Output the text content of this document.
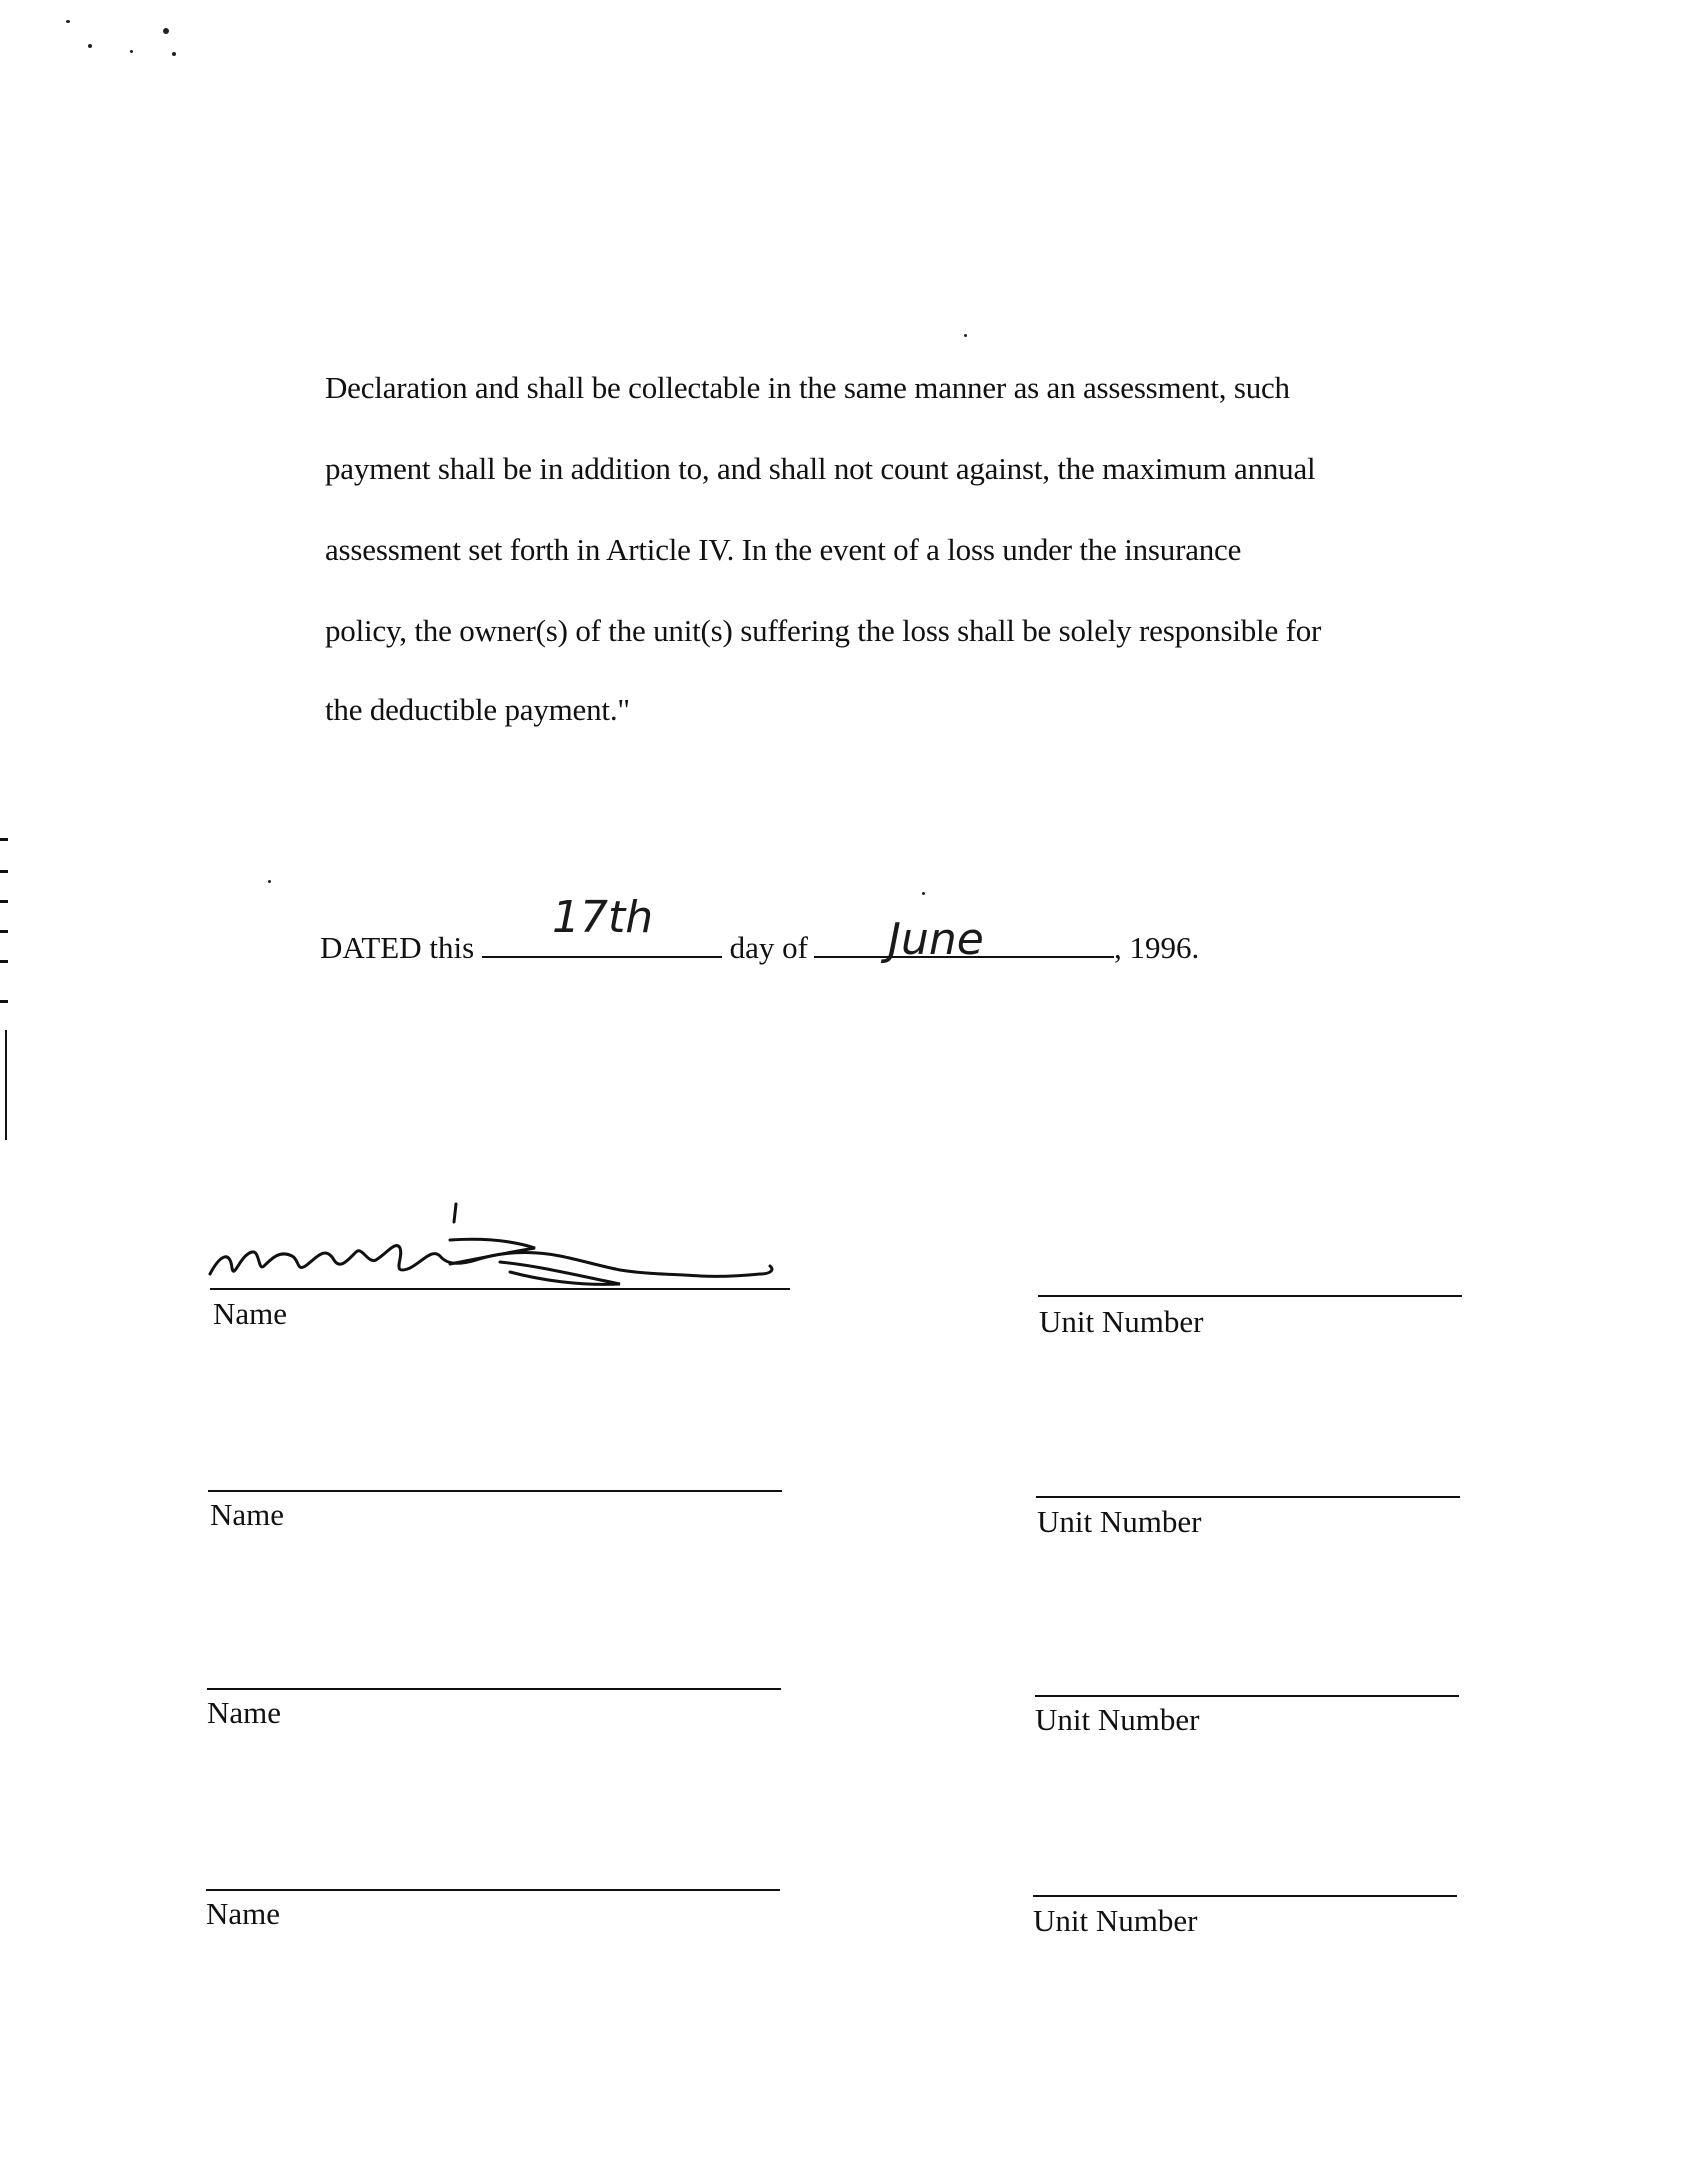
Declaration and shall be collectable in the same manner as an assessment, such
payment shall be in addition to, and shall not count against, the maximum annual
assessment set forth in Article IV. In the event of a loss under the insurance
policy, the owner(s) of the unit(s) suffering the loss shall be solely responsible for
the deductible payment."
DATED this	day of	, 1996.
17th	June
Name	Unit Number
Name	Unit Number
Name	Unit Number
Name	Unit Number
